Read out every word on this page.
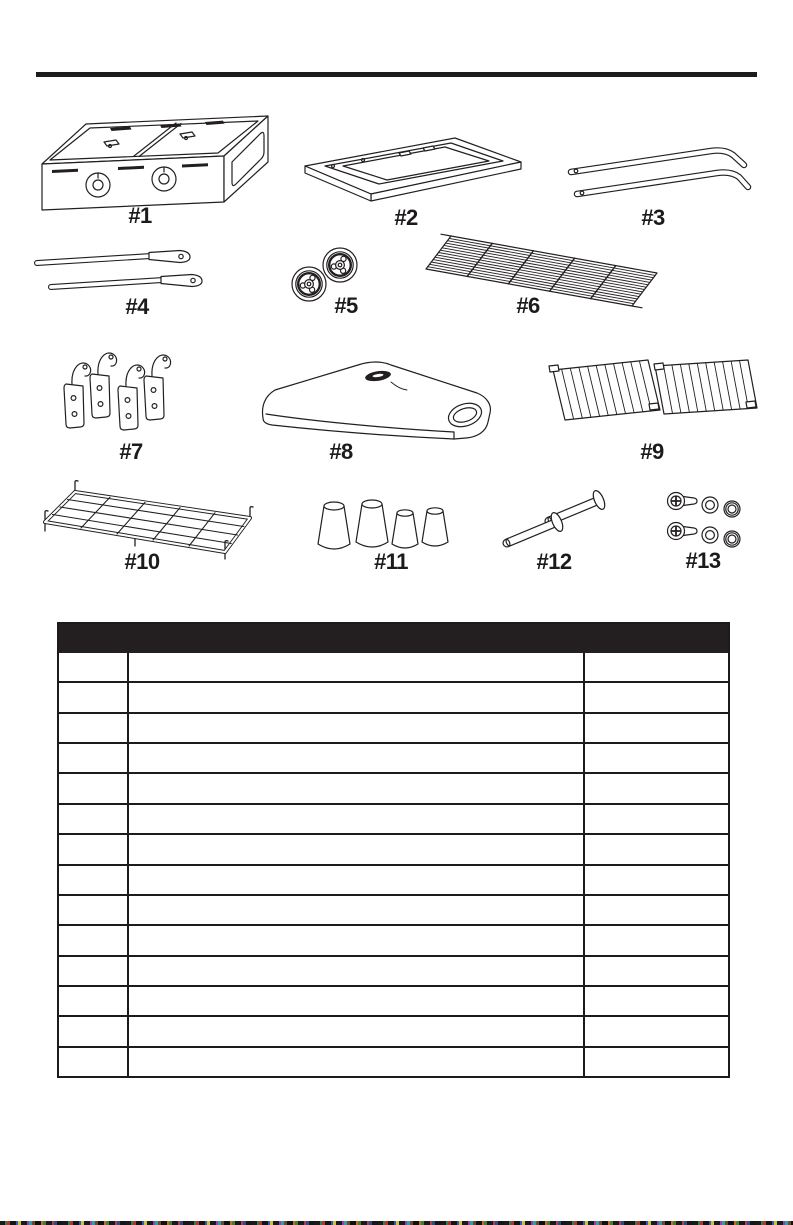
#1	#2	#3
#4	#5	#6
#7	#8	#9
#10	#11	#12	#13
